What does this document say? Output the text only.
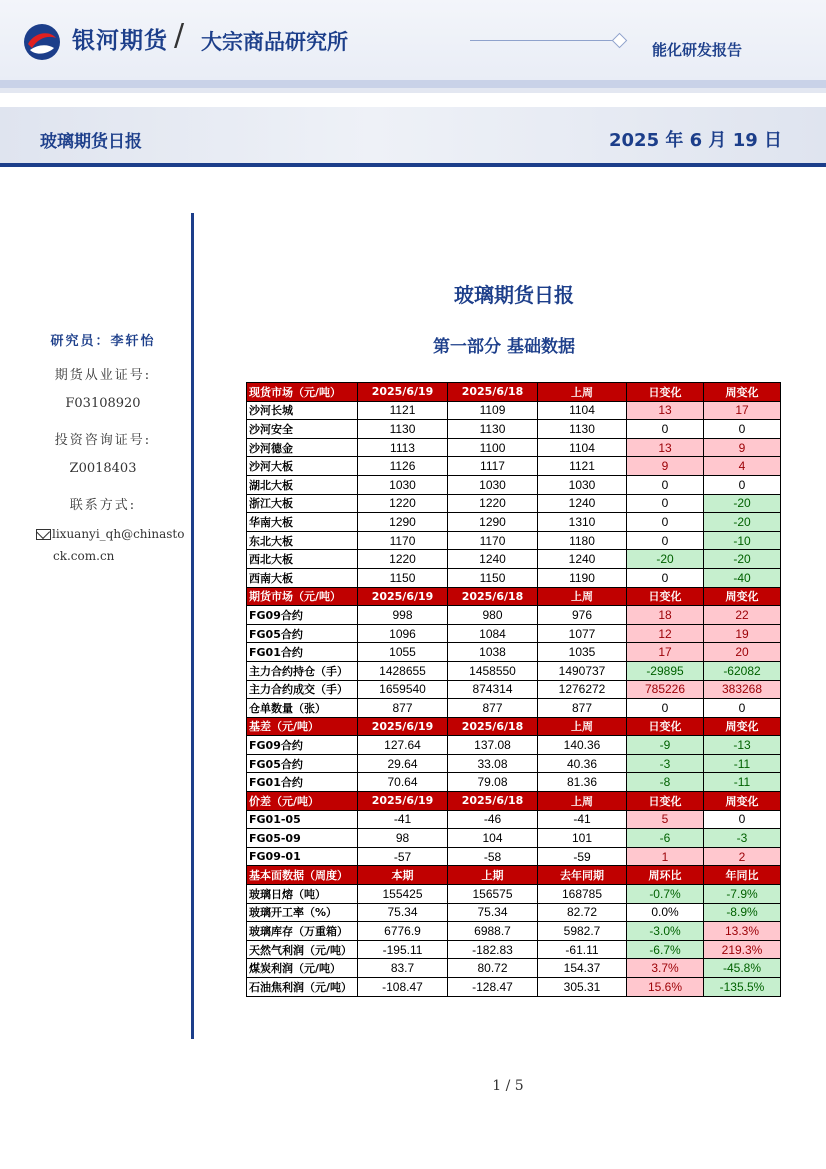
银河期货 / 大宗商品研究所	能化研发报告
玻璃期货日报	2025 年 6 月 19 日
研究员：李轩怡
期货从业证号:
F03108920
投资咨询证号:
Z0018403
联系方式:
lixuanyi_qh@chinasto
ck.com.cn
玻璃期货日报
第一部分 基础数据
现货市场（元/吨）	2025/6/19	2025/6/18	上周	日变化	周变化
沙河长城	1121	1109	1104	13	17
沙河安全	1130	1130	1130	0	0
沙河德金	1113	1100	1104	13	9
沙河大板	1126	1117	1121	9	4
湖北大板	1030	1030	1030	0	0
浙江大板	1220	1220	1240	0	-20
华南大板	1290	1290	1310	0	-20
东北大板	1170	1170	1180	0	-10
西北大板	1220	1240	1240	-20	-20
西南大板	1150	1150	1190	0	-40
期货市场（元/吨）	2025/6/19	2025/6/18	上周	日变化	周变化
FG09合约	998	980	976	18	22
FG05合约	1096	1084	1077	12	19
FG01合约	1055	1038	1035	17	20
主力合约持仓（手）	1428655	1458550	1490737	-29895	-62082
主力合约成交（手）	1659540	874314	1276272	785226	383268
仓单数量（张）	877	877	877	0	0
基差（元/吨）	2025/6/19	2025/6/18	上周	日变化	周变化
FG09合约	127.64	137.08	140.36	-9	-13
FG05合约	29.64	33.08	40.36	-3	-11
FG01合约	70.64	79.08	81.36	-8	-11
价差（元/吨）	2025/6/19	2025/6/18	上周	日变化	周变化
FG01-05	-41	-46	-41	5	0
FG05-09	98	104	101	-6	-3
FG09-01	-57	-58	-59	1	2
基本面数据（周度）	本期	上期	去年同期	周环比	年同比
玻璃日熔（吨）	155425	156575	168785	-0.7%	-7.9%
玻璃开工率（%）	75.34	75.34	82.72	0.0%	-8.9%
玻璃库存（万重箱）	6776.9	6988.7	5982.7	-3.0%	13.3%
天然气利润（元/吨）	-195.11	-182.83	-61.11	-6.7%	219.3%
煤炭利润（元/吨）	83.7	80.72	154.37	3.7%	-45.8%
石油焦利润（元/吨）	-108.47	-128.47	305.31	15.6%	-135.5%
1 / 5
